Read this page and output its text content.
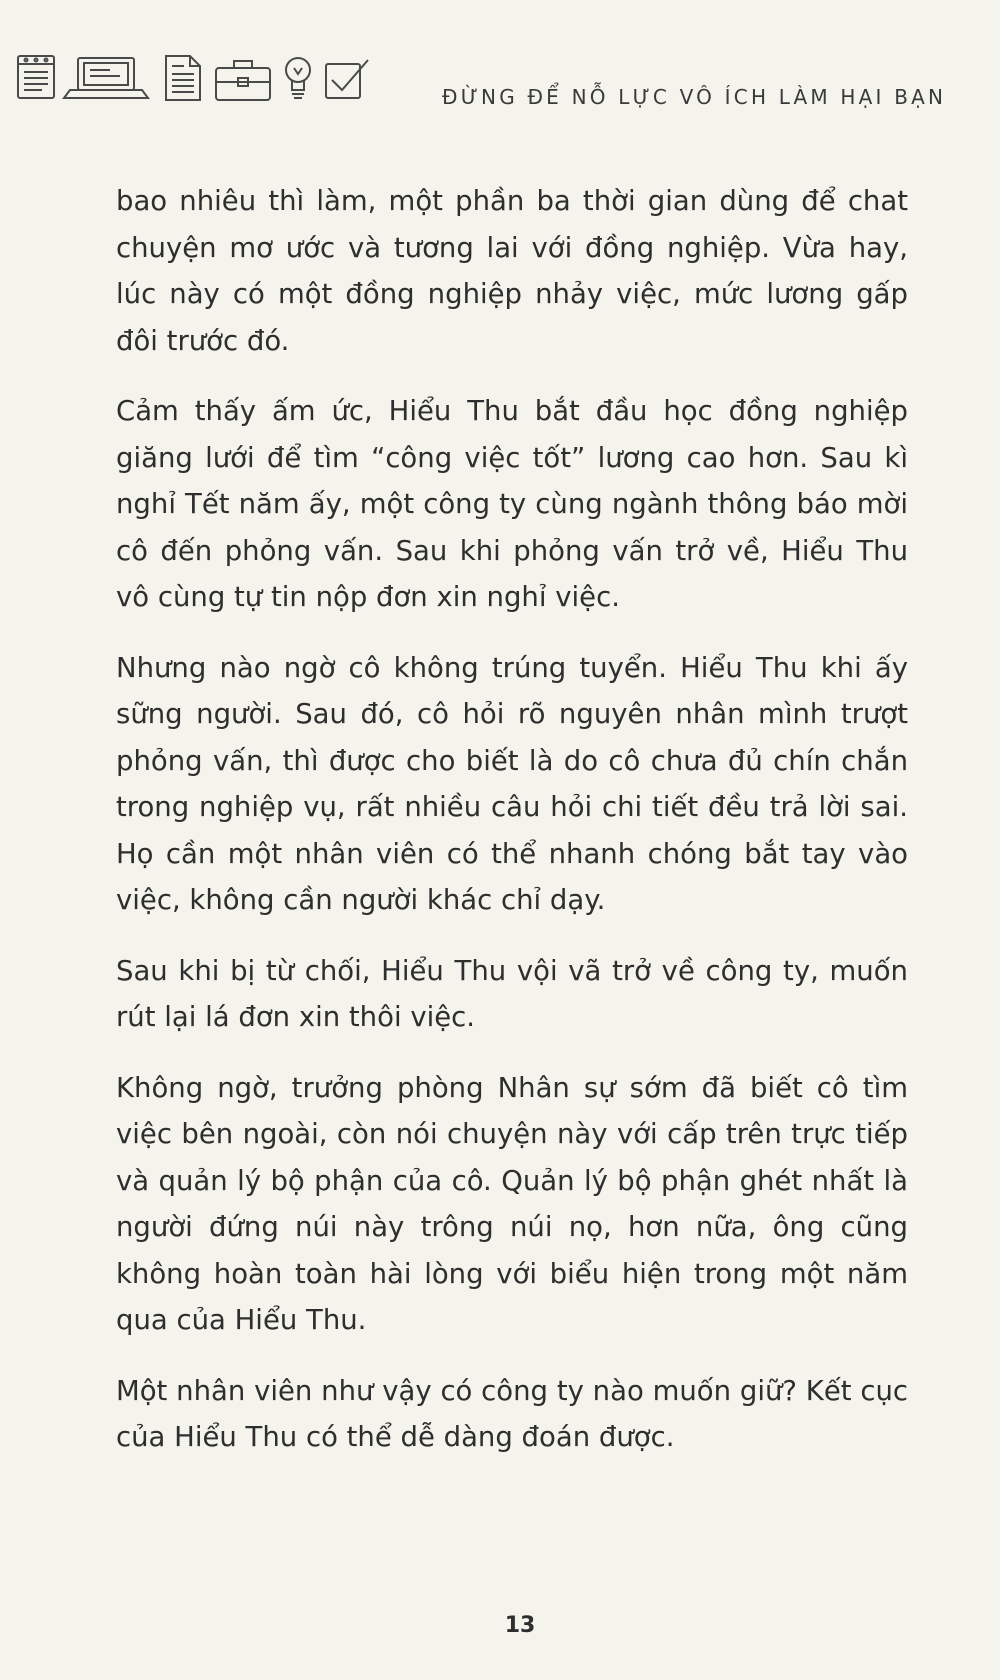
ĐỪNG ĐỂ NỖ LỰC VÔ ÍCH LÀM HẠI BẠN

bao nhiêu thì làm, một phần ba thời gian dùng để chat chuyện mơ ước và tương lai với đồng nghiệp. Vừa hay, lúc này có một đồng nghiệp nhảy việc, mức lương gấp đôi trước đó.

Cảm thấy ấm ức, Hiểu Thu bắt đầu học đồng nghiệp giăng lưới để tìm “công việc tốt” lương cao hơn. Sau kì nghỉ Tết năm ấy, một công ty cùng ngành thông báo mời cô đến phỏng vấn. Sau khi phỏng vấn trở về, Hiểu Thu vô cùng tự tin nộp đơn xin nghỉ việc.

Nhưng nào ngờ cô không trúng tuyển. Hiểu Thu khi ấy sững người. Sau đó, cô hỏi rõ nguyên nhân mình trượt phỏng vấn, thì được cho biết là do cô chưa đủ chín chắn trong nghiệp vụ, rất nhiều câu hỏi chi tiết đều trả lời sai. Họ cần một nhân viên có thể nhanh chóng bắt tay vào việc, không cần người khác chỉ dạy.

Sau khi bị từ chối, Hiểu Thu vội vã trở về công ty, muốn rút lại lá đơn xin thôi việc.

Không ngờ, trưởng phòng Nhân sự sớm đã biết cô tìm việc bên ngoài, còn nói chuyện này với cấp trên trực tiếp và quản lý bộ phận của cô. Quản lý bộ phận ghét nhất là người đứng núi này trông núi nọ, hơn nữa, ông cũng không hoàn toàn hài lòng với biểu hiện trong một năm qua của Hiểu Thu.

Một nhân viên như vậy có công ty nào muốn giữ? Kết cục của Hiểu Thu có thể dễ dàng đoán được.

13
